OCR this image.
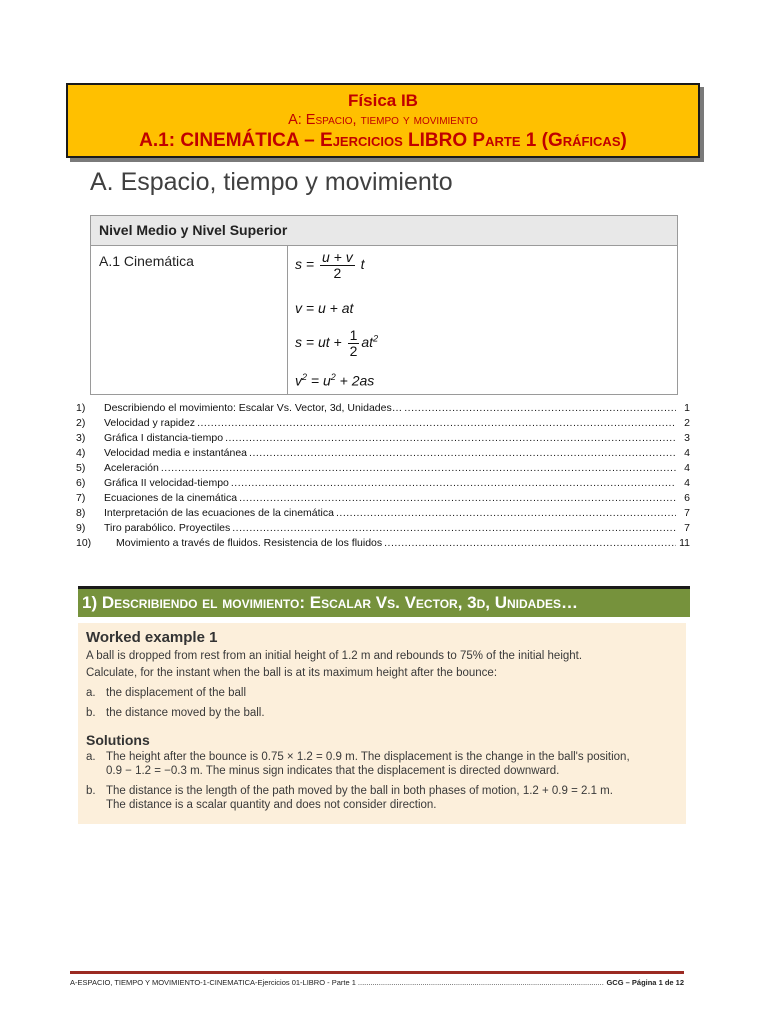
Física IB
A: Espacio, tiempo y movimiento
A.1: CINEMÁTICA – Ejercicios LIBRO Parte 1 (Gráficas)
A. Espacio, tiempo y movimiento
Nivel Medio y Nivel Superior
A.1 Cinemática	$s = \frac{u + v}{2}$ t
v = u + at
s = ut + $\frac{1}{2} at^2$
$v^2 = u^2 + 2as$
1)	Describiendo el movimiento: Escalar Vs. Vector, 3d, Unidades… .....	1
2)	Velocidad y rapidez .....	2
3)	Gráfica I distancia-tiempo .....	3
4)	Velocidad media e instantánea .....	4
5)	Aceleración .....	4
6)	Gráfica II velocidad-tiempo .....	4
7)	Ecuaciones de la cinemática .....	6
8)	Interpretación de las ecuaciones de la cinemática .....	7
9)	Tiro parabólico. Proyectiles .....	7
10)	Movimiento a través de fluidos. Resistencia de los fluidos .....	11
1) Describiendo el movimiento: Escalar Vs. Vector, 3d, Unidades…
Worked example 1

A ball is dropped from rest from an initial height of 1.2 m and rebounds to 75% of the initial height.

Calculate, for the instant when the ball is at its maximum height after the bounce:

a. the displacement of the ball
b. the distance moved by the ball.
Solutions
a. The height after the bounce is 0.75 × 1.2 = 0.9 m. The displacement is the change in the ball's position,
0.9 − 1.2 = −0.3 m. The minus sign indicates that the displacement is directed downward.
b. The distance is the length of the path moved by the ball in both phases of motion, 1.2 + 0.9 = 2.1 m.
The distance is a scalar quantity and does not consider direction.
A-ESPACIO, TIEMPO Y MOVIMIENTO-1-CINEMATICA-Ejercicios 01-LIBRO - Parte 1 .....	GCG – Página 1 de 12
